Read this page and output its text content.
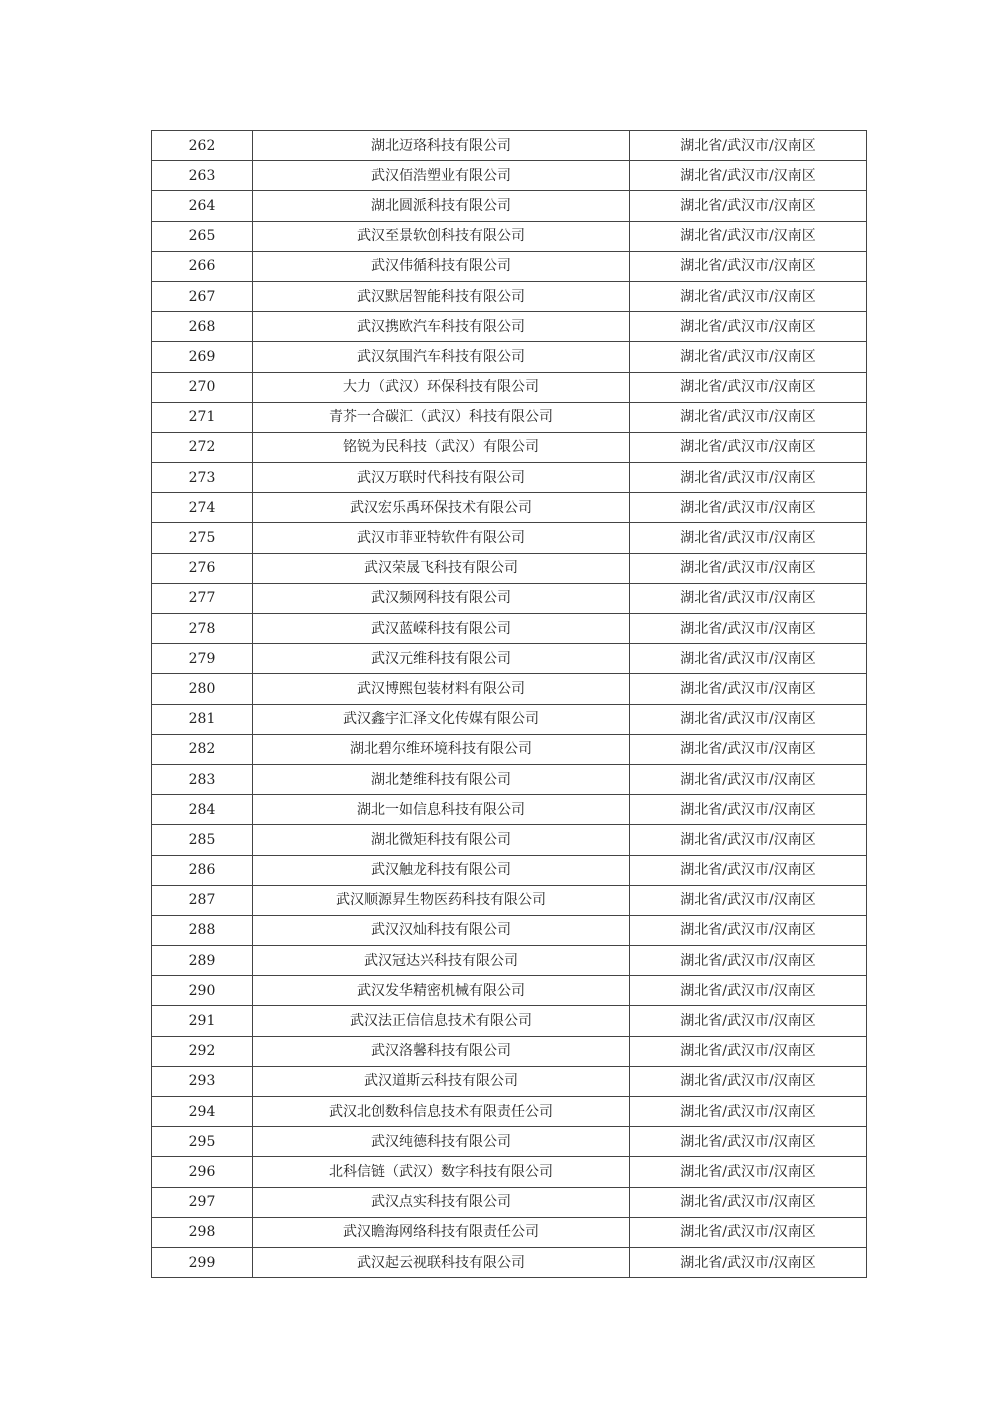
262	湖北迈珞科技有限公司	湖北省/武汉市/汉南区
263	武汉佰浩塑业有限公司	湖北省/武汉市/汉南区
264	湖北圆派科技有限公司	湖北省/武汉市/汉南区
265	武汉至景软创科技有限公司	湖北省/武汉市/汉南区
266	武汉伟循科技有限公司	湖北省/武汉市/汉南区
267	武汉默居智能科技有限公司	湖北省/武汉市/汉南区
268	武汉携欧汽车科技有限公司	湖北省/武汉市/汉南区
269	武汉氛围汽车科技有限公司	湖北省/武汉市/汉南区
270	大力（武汉）环保科技有限公司	湖北省/武汉市/汉南区
271	青芥一合碳汇（武汉）科技有限公司	湖北省/武汉市/汉南区
272	铭锐为民科技（武汉）有限公司	湖北省/武汉市/汉南区
273	武汉万联时代科技有限公司	湖北省/武汉市/汉南区
274	武汉宏乐禹环保技术有限公司	湖北省/武汉市/汉南区
275	武汉市菲亚特软件有限公司	湖北省/武汉市/汉南区
276	武汉荣晟飞科技有限公司	湖北省/武汉市/汉南区
277	武汉频网科技有限公司	湖北省/武汉市/汉南区
278	武汉蓝嵘科技有限公司	湖北省/武汉市/汉南区
279	武汉元维科技有限公司	湖北省/武汉市/汉南区
280	武汉博熙包装材料有限公司	湖北省/武汉市/汉南区
281	武汉鑫宇汇泽文化传媒有限公司	湖北省/武汉市/汉南区
282	湖北碧尔维环境科技有限公司	湖北省/武汉市/汉南区
283	湖北楚维科技有限公司	湖北省/武汉市/汉南区
284	湖北一如信息科技有限公司	湖北省/武汉市/汉南区
285	湖北微矩科技有限公司	湖北省/武汉市/汉南区
286	武汉触龙科技有限公司	湖北省/武汉市/汉南区
287	武汉顺源昇生物医药科技有限公司	湖北省/武汉市/汉南区
288	武汉汉灿科技有限公司	湖北省/武汉市/汉南区
289	武汉冠达兴科技有限公司	湖北省/武汉市/汉南区
290	武汉发华精密机械有限公司	湖北省/武汉市/汉南区
291	武汉法正信信息技术有限公司	湖北省/武汉市/汉南区
292	武汉洛馨科技有限公司	湖北省/武汉市/汉南区
293	武汉道斯云科技有限公司	湖北省/武汉市/汉南区
294	武汉北创数科信息技术有限责任公司	湖北省/武汉市/汉南区
295	武汉纯德科技有限公司	湖北省/武汉市/汉南区
296	北科信链（武汉）数字科技有限公司	湖北省/武汉市/汉南区
297	武汉点实科技有限公司	湖北省/武汉市/汉南区
298	武汉瞻海网络科技有限责任公司	湖北省/武汉市/汉南区
299	武汉起云视联科技有限公司	湖北省/武汉市/汉南区
